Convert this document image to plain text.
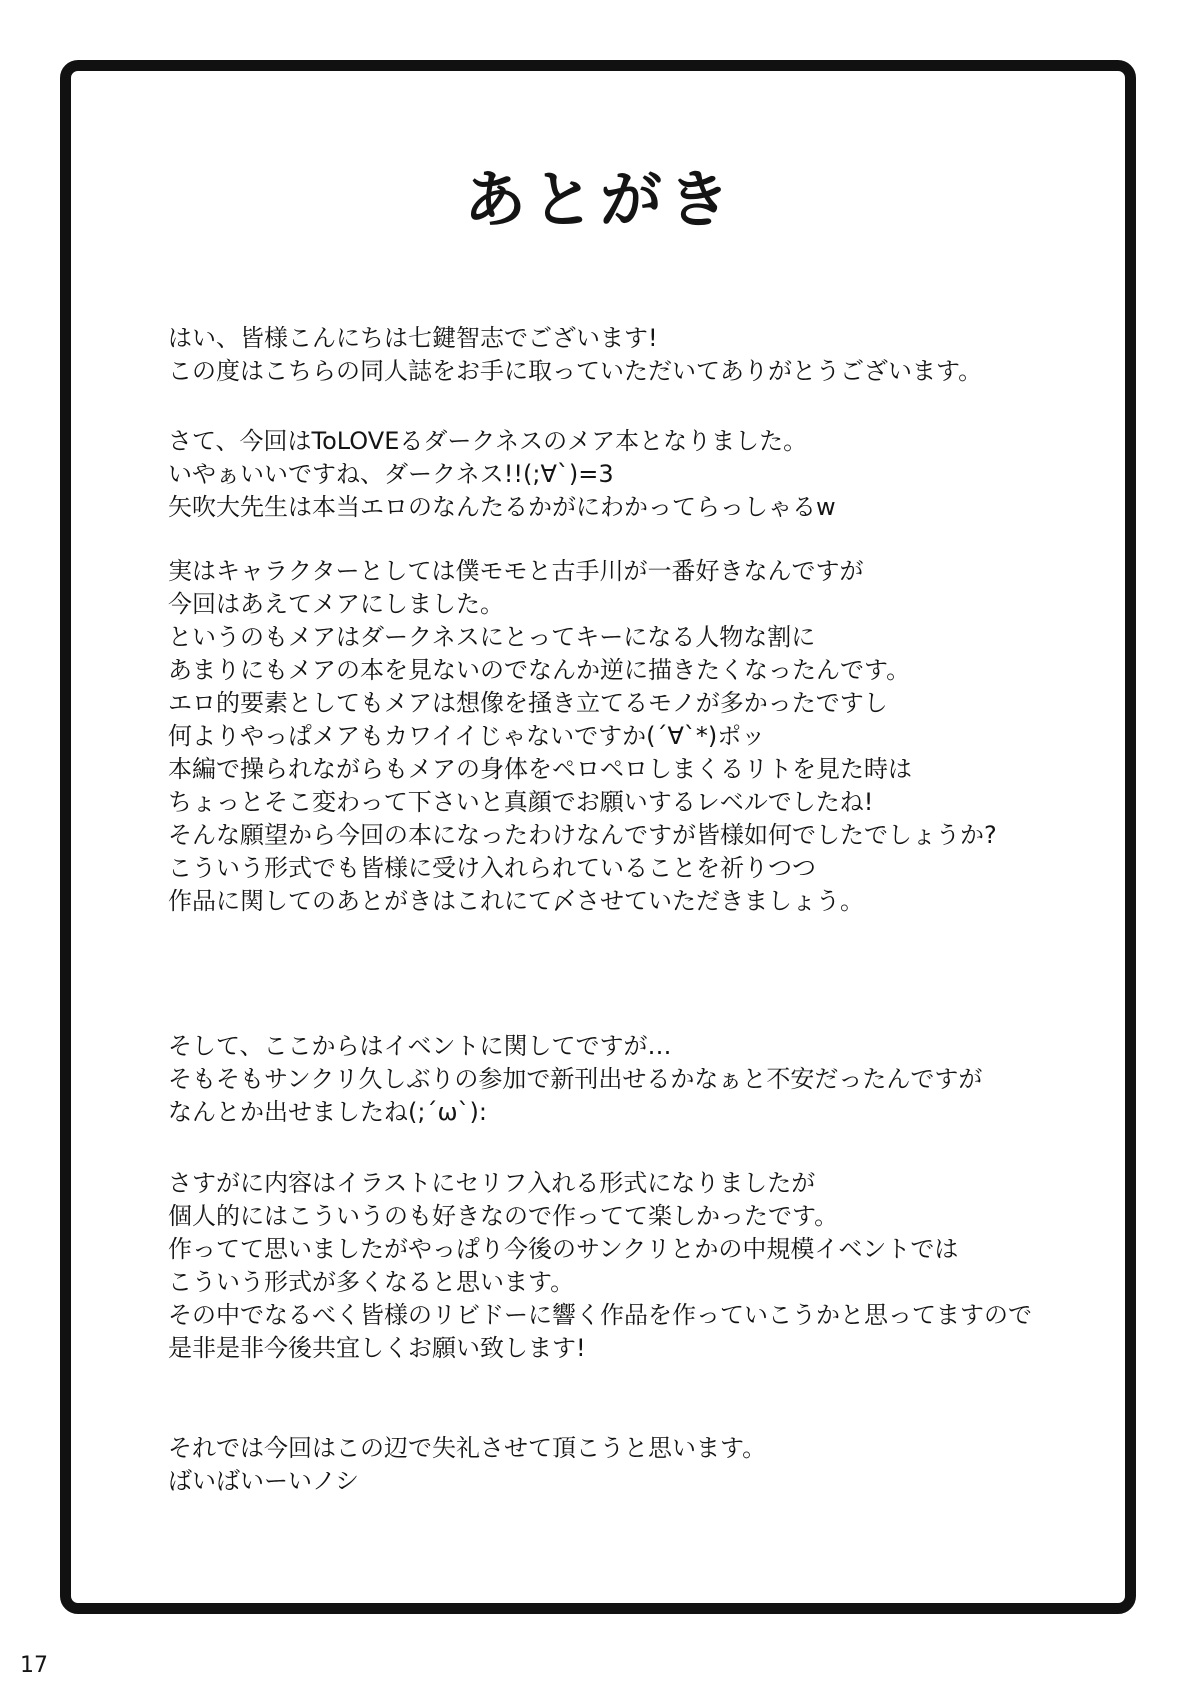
あとがき
はい、皆様こんにちは七鍵智志でございます!
この度はこちらの同人誌をお手に取っていただいてありがとうございます。
さて、今回はToLOVEるダークネスのメア本となりました。
いやぁいいですね、ダークネス!!(;∀`)=3
矢吹大先生は本当エロのなんたるかがにわかってらっしゃるw
実はキャラクターとしては僕モモと古手川が一番好きなんですが
今回はあえてメアにしました。
というのもメアはダークネスにとってキーになる人物な割に
あまりにもメアの本を見ないのでなんか逆に描きたくなったんです。
エロ的要素としてもメアは想像を掻き立てるモノが多かったですし
何よりやっぱメアもカワイイじゃないですか(´∀`*)ポッ
本編で操られながらもメアの身体をペロペロしまくるリトを見た時は
ちょっとそこ変わって下さいと真顔でお願いするレベルでしたね!
そんな願望から今回の本になったわけなんですが皆様如何でしたでしょうか?
こういう形式でも皆様に受け入れられていることを祈りつつ
作品に関してのあとがきはこれにて〆させていただきましょう。
そして、ここからはイベントに関してですが…
そもそもサンクリ久しぶりの参加で新刊出せるかなぁと不安だったんですが
なんとか出せましたね(;´ω`):
さすがに内容はイラストにセリフ入れる形式になりましたが
個人的にはこういうのも好きなので作ってて楽しかったです。
作ってて思いましたがやっぱり今後のサンクリとかの中規模イベントでは
こういう形式が多くなると思います。
その中でなるべく皆様のリビドーに響く作品を作っていこうかと思ってますので
是非是非今後共宜しくお願い致します!
それでは今回はこの辺で失礼させて頂こうと思います。
ばいばいーいノシ
17
